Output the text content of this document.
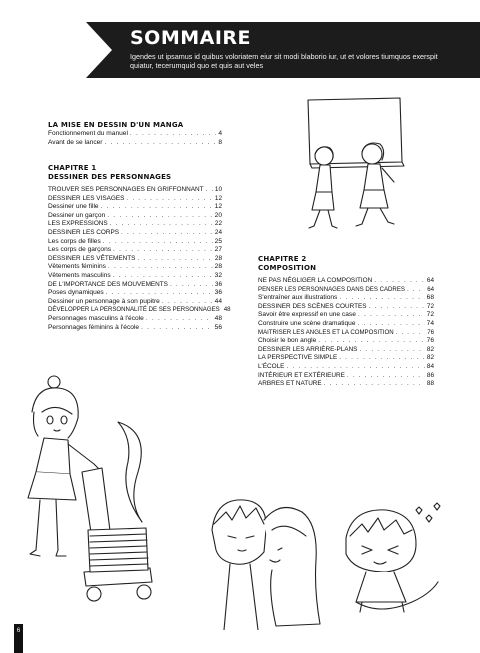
SOMMAIRE
Igendes ut ipsamus id quibus voloriatem eiur sit modi blaborio iur, ut et volores tiumquos exerspit quiatur, tecerumquid quo et quis aut veles
LA MISE EN DESSIN D'UN MANGA
Fonctionnement du manuel . . .	4
Avant de se lancer . . .	8
CHAPITRE 1
DESSINER DES PERSONNAGES
TROUVER SES PERSONNAGES EN GRIFFONNANT . . . 10
DESSINER LES VISAGES . . .	12
Dessiner une fille . . .	12
Dessiner un garçon . . .	20
LES EXPRESSIONS . . .	22
DESSINER LES CORPS . . .	24
Les corps de filles . . .	25
Les corps de garçons . . .	27
DESSINER LES VÊTEMENTS . . .	28
Vêtements féminins . . .	28
Vêtements masculins . . .	32
DE L'IMPORTANCE DES MOUVEMENTS . . .	36
Poses dynamiques . . .	36
Dessiner un personnage à son pupitre . . .	44
DÉVELOPPER LA PERSONNALITÉ DE SES PERSONNAGES 48
Personnages masculins à l'école . . .	48
Personnages féminins à l'école . . .	56
CHAPITRE 2
COMPOSITION
NE PAS NÉGLIGER LA COMPOSITION . . .	64
PENSER LES PERSONNAGES DANS DES CADRES . . .	64
S'entraîner aux illustrations . . .	68
DESSINER DES SCÈNES COURTES . . .	72
Savoir être expressif en une case . . .	72
Construire une scène dramatique . . .	74
MAITRISER LES ANGLES ET LA COMPOSITION . . .	76
Choisir le bon angle . . .	76
DESSINER LES ARRIÈRE-PLANS . . .	82
LA PERSPECTIVE SIMPLE . . .	82
L'ÉCOLE . . .	84
INTÉRIEUR ET EXTÉRIEURE . . .	86
ARBRES ET NATURE . . .	88
6
